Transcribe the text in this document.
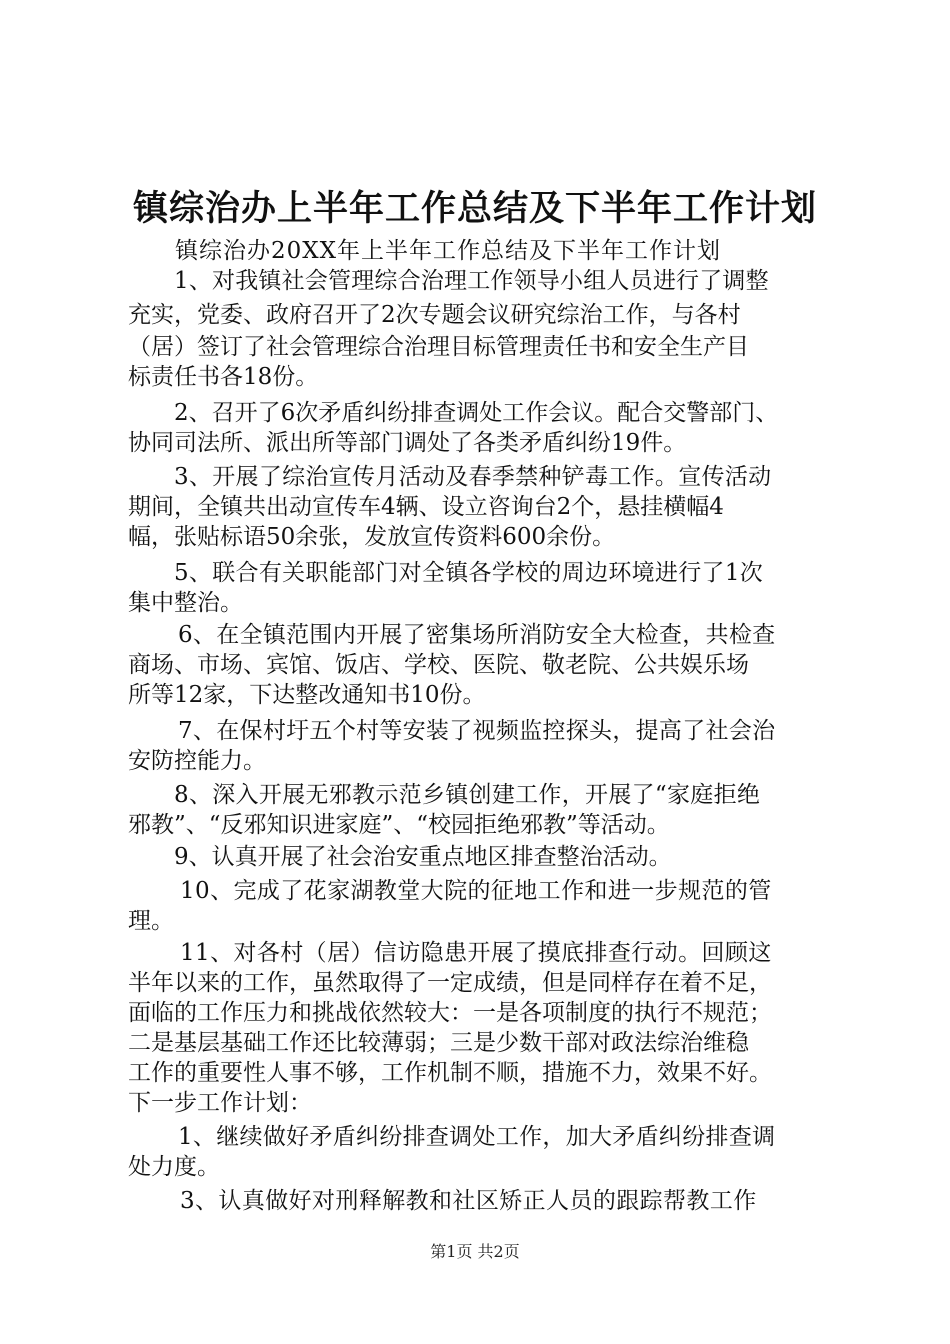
镇综治办上半年工作总结及下半年工作计划
镇综治办20XX年上半年工作总结及下半年工作计划
1、对我镇社会管理综合治理工作领导小组人员进行了调整
充实，党委、政府召开了2次专题会议研究综治工作，与各村
（居）签订了社会管理综合治理目标管理责任书和安全生产目
标责任书各18份。
2、召开了6次矛盾纠纷排查调处工作会议。配合交警部门、
协同司法所、派出所等部门调处了各类矛盾纠纷19件。
3、开展了综治宣传月活动及春季禁种铲毒工作。宣传活动
期间，全镇共出动宣传车4辆、设立咨询台2个，悬挂横幅4
幅，张贴标语50余张，发放宣传资料600余份。
5、联合有关职能部门对全镇各学校的周边环境进行了1次
集中整治。
6、在全镇范围内开展了密集场所消防安全大检查，共检查
商场、市场、宾馆、饭店、学校、医院、敬老院、公共娱乐场
所等12家，下达整改通知书10份。
7、在保村圩五个村等安装了视频监控探头，提高了社会治
安防控能力。
8、深入开展无邪教示范乡镇创建工作，开展了“家庭拒绝
邪教”、“反邪知识进家庭”、“校园拒绝邪教”等活动。
9、认真开展了社会治安重点地区排查整治活动。
10、完成了花家湖教堂大院的征地工作和进一步规范的管
理。
11、对各村（居）信访隐患开展了摸底排查行动。回顾这
半年以来的工作，虽然取得了一定成绩，但是同样存在着不足，
面临的工作压力和挑战依然较大：一是各项制度的执行不规范；
二是基层基础工作还比较薄弱；三是少数干部对政法综治维稳
工作的重要性人事不够，工作机制不顺，措施不力，效果不好。
下一步工作计划：
1、继续做好矛盾纠纷排查调处工作，加大矛盾纠纷排查调
处力度。
3、认真做好对刑释解教和社区矫正人员的跟踪帮教工作
第1页 共2页
